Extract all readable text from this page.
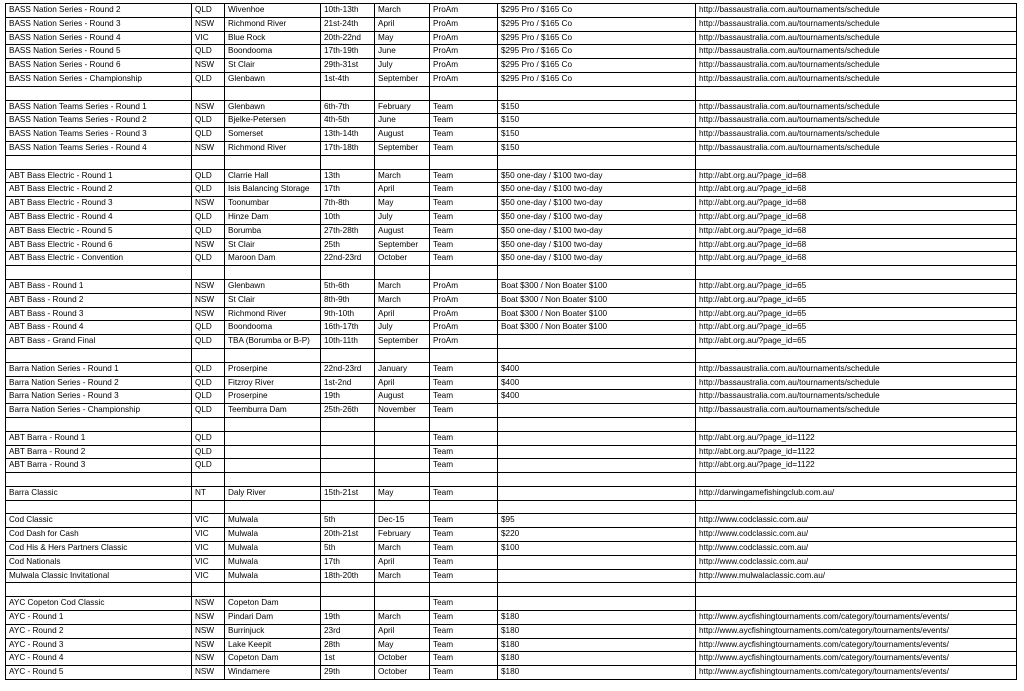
BASS Nation Series - Round 2	QLD	Wivenhoe	10th-13th	March	ProAm	$295 Pro / $165 Co	http://bassaustralia.com.au/tournaments/schedule
BASS Nation Series - Round 3	NSW	Richmond River	21st-24th	April	ProAm	$295 Pro / $165 Co	http://bassaustralia.com.au/tournaments/schedule
BASS Nation Series - Round 4	VIC	Blue Rock	20th-22nd	May	ProAm	$295 Pro / $165 Co	http://bassaustralia.com.au/tournaments/schedule
BASS Nation Series - Round 5	QLD	Boondooma	17th-19th	June	ProAm	$295 Pro / $165 Co	http://bassaustralia.com.au/tournaments/schedule
BASS Nation Series - Round 6	NSW	St Clair	29th-31st	July	ProAm	$295 Pro / $165 Co	http://bassaustralia.com.au/tournaments/schedule
BASS Nation Series - Championship	QLD	Glenbawn	1st-4th	September	ProAm	$295 Pro / $165 Co	http://bassaustralia.com.au/tournaments/schedule

BASS Nation Teams Series - Round 1	NSW	Glenbawn	6th-7th	February	Team	$150	http://bassaustralia.com.au/tournaments/schedule
BASS Nation Teams Series - Round 2	QLD	Bjelke-Petersen	4th-5th	June	Team	$150	http://bassaustralia.com.au/tournaments/schedule
BASS Nation Teams Series - Round 3	QLD	Somerset	13th-14th	August	Team	$150	http://bassaustralia.com.au/tournaments/schedule
BASS Nation Teams Series - Round 4	NSW	Richmond River	17th-18th	September	Team	$150	http://bassaustralia.com.au/tournaments/schedule

ABT Bass Electric - Round 1	QLD	Clarrie Hall	13th	March	Team	$50 one-day / $100 two-day	http://abt.org.au/?page_id=68
ABT Bass Electric - Round 2	QLD	Isis Balancing Storage	17th	April	Team	$50 one-day / $100 two-day	http://abt.org.au/?page_id=68
ABT Bass Electric - Round 3	NSW	Toonumbar	7th-8th	May	Team	$50 one-day / $100 two-day	http://abt.org.au/?page_id=68
ABT Bass Electric - Round 4	QLD	Hinze Dam	10th	July	Team	$50 one-day / $100 two-day	http://abt.org.au/?page_id=68
ABT Bass Electric - Round 5	QLD	Borumba	27th-28th	August	Team	$50 one-day / $100 two-day	http://abt.org.au/?page_id=68
ABT Bass Electric - Round 6	NSW	St Clair	25th	September	Team	$50 one-day / $100 two-day	http://abt.org.au/?page_id=68
ABT Bass Electric - Convention	QLD	Maroon Dam	22nd-23rd	October	Team	$50 one-day / $100 two-day	http://abt.org.au/?page_id=68

ABT Bass - Round 1	NSW	Glenbawn	5th-6th	March	ProAm	Boat $300 / Non Boater $100	http://abt.org.au/?page_id=65
ABT Bass - Round 2	NSW	St Clair	8th-9th	March	ProAm	Boat $300 / Non Boater $100	http://abt.org.au/?page_id=65
ABT Bass - Round 3	NSW	Richmond River	9th-10th	April	ProAm	Boat $300 / Non Boater $100	http://abt.org.au/?page_id=65
ABT Bass - Round 4	QLD	Boondooma	16th-17th	July	ProAm	Boat $300 / Non Boater $100	http://abt.org.au/?page_id=65
ABT Bass - Grand Final	QLD	TBA (Borumba or B-P)	10th-11th	September	ProAm		http://abt.org.au/?page_id=65

Barra Nation Series - Round 1	QLD	Proserpine	22nd-23rd	January	Team	$400	http://bassaustralia.com.au/tournaments/schedule
Barra Nation Series - Round 2	QLD	Fitzroy River	1st-2nd	April	Team	$400	http://bassaustralia.com.au/tournaments/schedule
Barra Nation Series - Round 3	QLD	Proserpine	19th	August	Team	$400	http://bassaustralia.com.au/tournaments/schedule
Barra Nation Series - Championship	QLD	Teemburra Dam	25th-26th	November	Team		http://bassaustralia.com.au/tournaments/schedule

ABT Barra - Round 1	QLD				Team		http://abt.org.au/?page_id=1122
ABT Barra - Round 2	QLD				Team		http://abt.org.au/?page_id=1122
ABT Barra - Round 3	QLD				Team		http://abt.org.au/?page_id=1122

Barra Classic	NT	Daly River	15th-21st	May	Team		http://darwingamefishingclub.com.au/

Cod Classic	VIC	Mulwala	5th	Dec-15	Team	$95	http://www.codclassic.com.au/
Cod Dash for Cash	VIC	Mulwala	20th-21st	February	Team	$220	http://www.codclassic.com.au/
Cod His & Hers Partners Classic	VIC	Mulwala	5th	March	Team	$100	http://www.codclassic.com.au/
Cod Nationals	VIC	Mulwala	17th	April	Team		http://www.codclassic.com.au/
Mulwala Classic Invitational	VIC	Mulwala	18th-20th	March	Team		http://www.mulwalaclassic.com.au/

AYC Copeton Cod Classic	NSW	Copeton Dam			Team		
AYC - Round 1	NSW	Pindari Dam	19th	March	Team	$180	http://www.aycfishingtournaments.com/category/tournaments/events/
AYC - Round 2	NSW	Burrinjuck	23rd	April	Team	$180	http://www.aycfishingtournaments.com/category/tournaments/events/
AYC - Round 3	NSW	Lake Keepit	28th	May	Team	$180	http://www.aycfishingtournaments.com/category/tournaments/events/
AYC - Round 4	NSW	Copeton Dam	1st	October	Team	$180	http://www.aycfishingtournaments.com/category/tournaments/events/
AYC - Round 5	NSW	Windamere	29th	October	Team	$180	http://www.aycfishingtournaments.com/category/tournaments/events/
